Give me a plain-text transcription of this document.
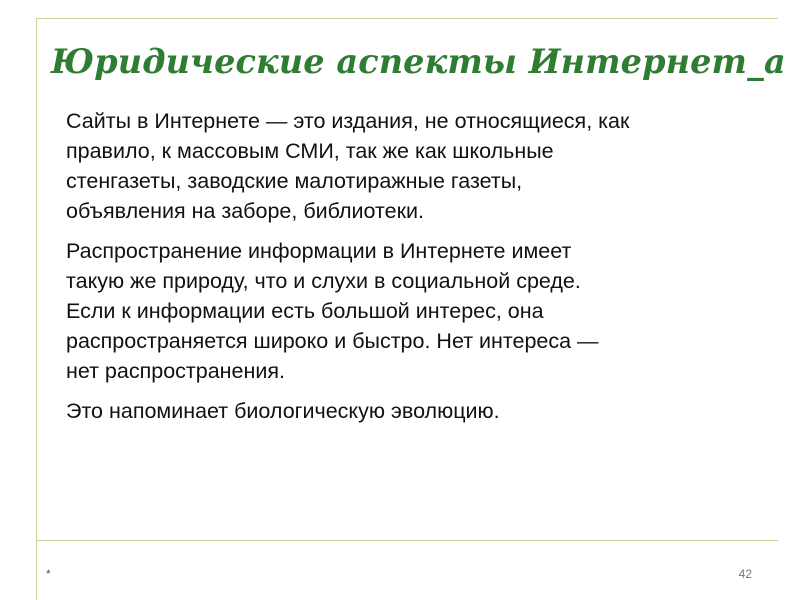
Юридические аспекты Интернет_а

Сайты в Интернете — это издания, не относящиеся, как
правило, к массовым СМИ, так же как школьные
стенгазеты, заводские малотиражные газеты,
объявления на заборе, библиотеки.

Распространение информации в Интернете имеет
такую же природу, что и слухи в социальной среде.
Если к информации есть большой интерес, она
распространяется широко и быстро. Нет интереса —
нет распространения.

Это напоминает биологическую эволюцию.

*	42
